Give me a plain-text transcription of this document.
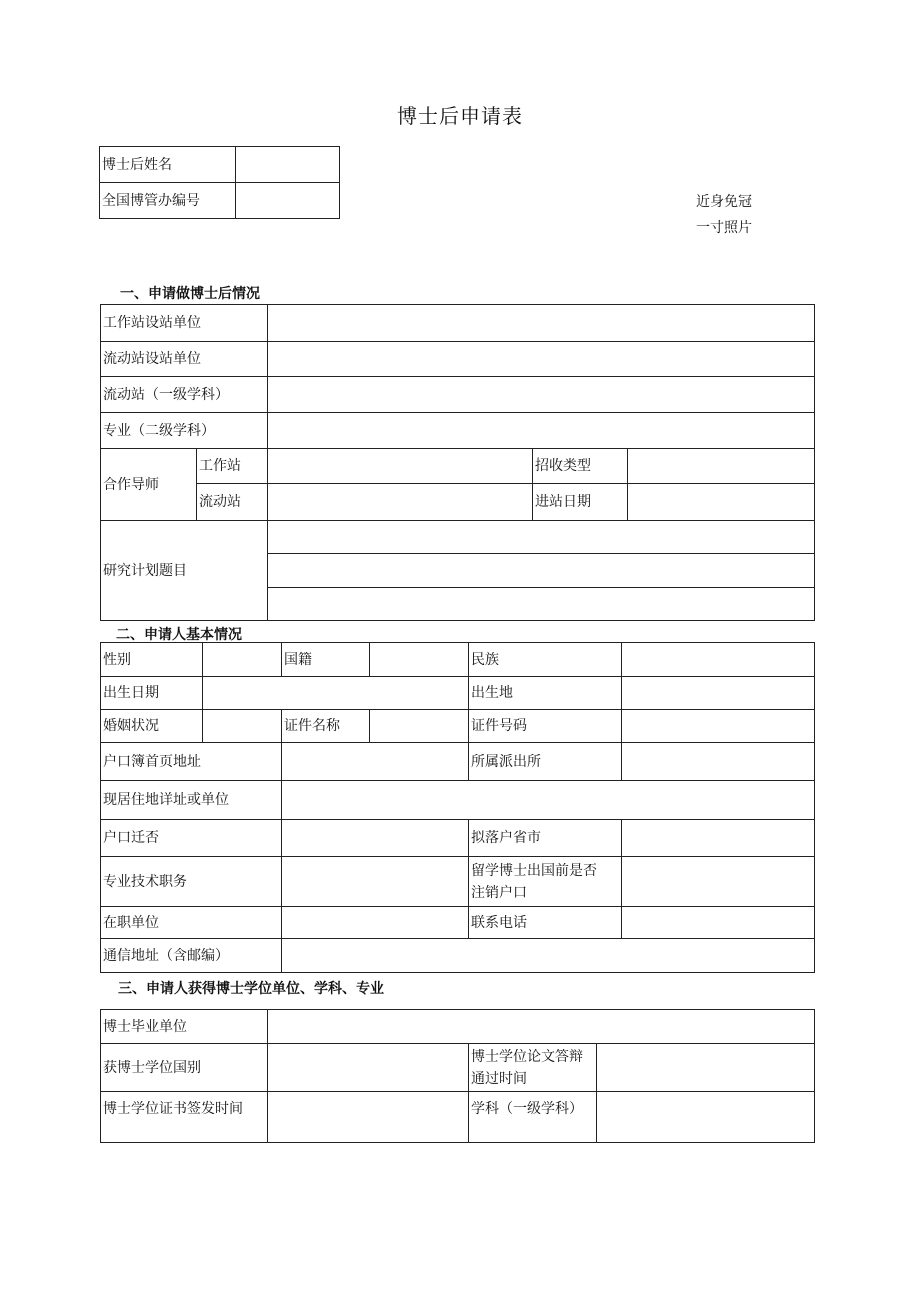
博士后申请表
博士后姓名	
全国博管办编号		近身免冠
一寸照片
一、申请做博士后情况
工作站设站单位				
流动站设站单位				
流动站（一级学科）				
专业（二级学科）				
合作导师	工作站		招收类型	
	流动站		进站日期	
研究计划题目				

二、申请人基本情况
性别		国籍		民族	
出生日期				出生地	
婚姻状况		证件名称		证件号码	
户口簿首页地址				所属派出所	
现居住地详址或单位					
户口迁否				拟落户省市	
专业技术职务				留学博士出国前是否
注销户口	

在职单位				联系电话	
通信地址（含邮编）					
三、申请人获得博士学位单位、学科、专业
博士毕业单位			
获博士学位国别		博士学位论文答辩
通过时间	

博士学位证书签发时间		学科（一级学科）	
